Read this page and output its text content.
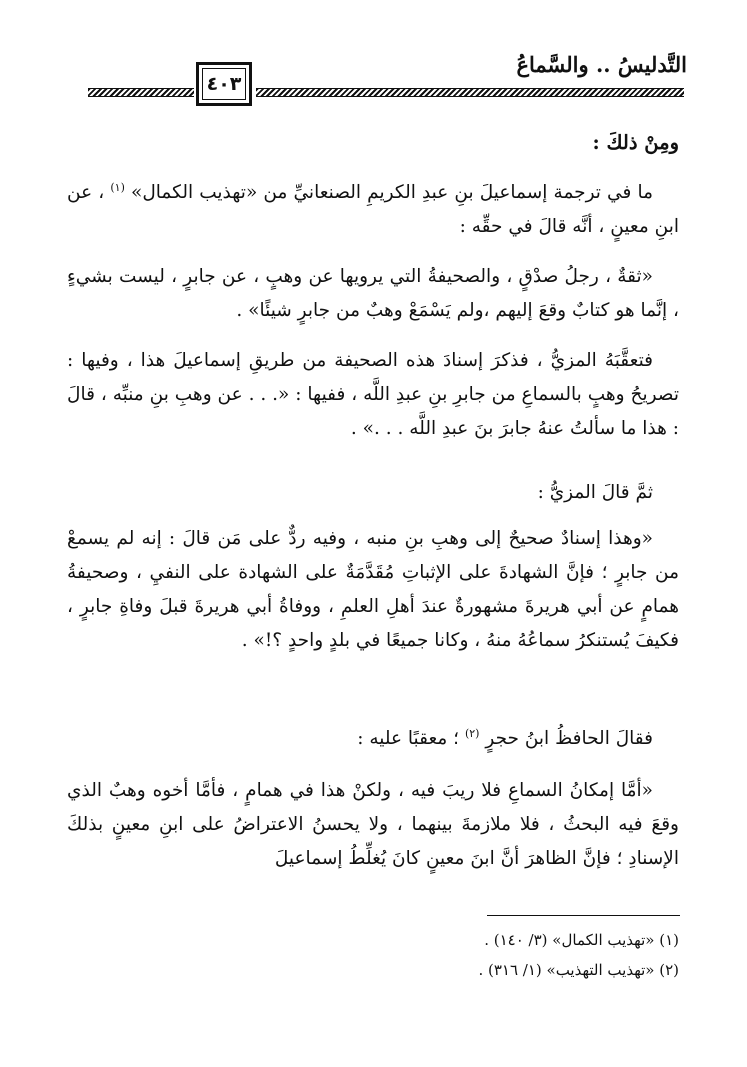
التَّدليسُ .. والسَّماعُ
٤٠٣

ومِنْ ذلكَ :

ما في ترجمة إسماعيلَ بنِ عبدِ الكريمِ الصنعانيِّ من «تهذيب الكمال» $^{(١)}$ ، عن ابنِ معينٍ ، أنَّه قالَ في حقِّه :

«ثقةٌ ، رجلُ صدْقٍ ، والصحيفةُ التي يرويها عن وهبٍ ، عن جابرٍ ، ليست بشيءٍ ، إنَّما هو كتابٌ وقعَ إليهم ،ولم يَسْمَعْ وهبٌ من جابرٍ شيئًا» .

فتعقَّبَهُ المزيُّ ، فذكرَ إسنادَ هذه الصحيفة من طريقِ إسماعيلَ هذا ، وفيها : تصريحُ وهبٍ بالسماعِ من جابرِ بنِ عبدِ اللَّه ، ففيها : «. . . عن وهبِ بنِ منبِّه ، قالَ : هذا ما سألتُ عنهُ جابرَ بنَ عبدِ اللَّه . . .» .

ثمَّ قالَ المزيُّ :

«وهذا إسنادٌ صحيحٌ إلى وهبِ بنِ منبه ، وفيه ردٌّ على مَن قالَ : إنه لم يسمعْ من جابرٍ ؛ فإنَّ الشهادةَ على الإثباتِ مُقَدَّمَةٌ على الشهادة على النفيِ ، وصحيفةُ همامٍ عن أبي هريرةَ مشهورةٌ عندَ أهلِ العلمِ ، ووفاةُ أبي هريرةَ قبلَ وفاةِ جابرٍ ، فكيفَ يُستنكرُ سماعُهُ منهُ ، وكانا جميعًا في بلدٍ واحدٍ ؟!» .

فقالَ الحافظُ ابنُ حجرٍ $^{(٢)}$ ؛ معقبًا عليه :

«أمَّا إمكانُ السماعِ فلا ريبَ فيه ، ولكنْ هذا في همامٍ ، فأمَّا أخوه وهبٌ الذي وقعَ فيه البحثُ ، فلا ملازمةَ بينهما ، ولا يحسنُ الاعتراضُ على ابنِ معينٍ بذلكَ الإسنادِ ؛ فإنَّ الظاهرَ أنَّ ابنَ معينٍ كانَ يُغلِّطُ إسماعيلَ

(١) «تهذيب الكمال» (٣/ ١٤٠) .
(٢) «تهذيب التهذيب» (١/ ٣١٦) .
